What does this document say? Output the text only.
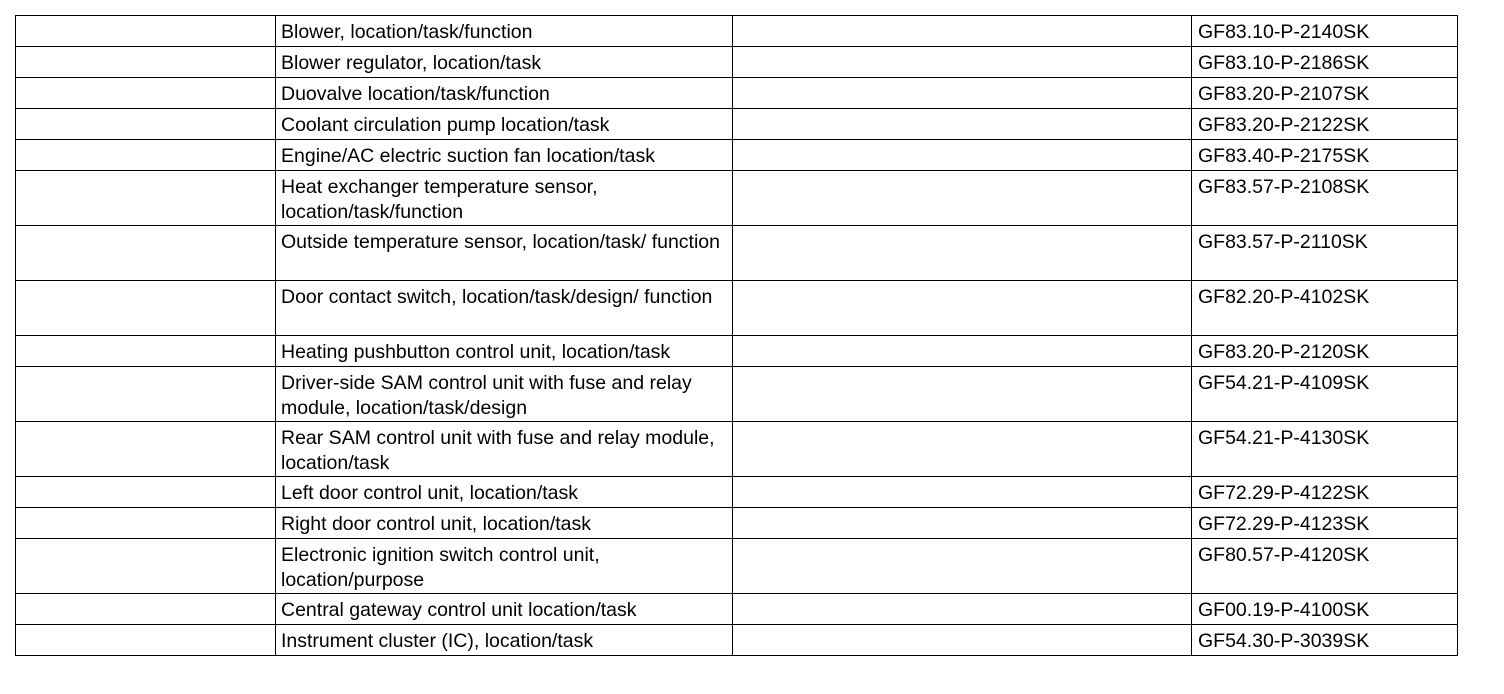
	Blower, location/task/function		GF83.10-P-2140SK
	Blower regulator, location/task		GF83.10-P-2186SK
	Duovalve location/task/function		GF83.20-P-2107SK
	Coolant circulation pump location/task		GF83.20-P-2122SK
	Engine/AC electric suction fan location/task		GF83.40-P-2175SK
	Heat exchanger temperature sensor, location/task/function		GF83.57-P-2108SK
	Outside temperature sensor, location/task/ function		GF83.57-P-2110SK
	Door contact switch, location/task/design/ function		GF82.20-P-4102SK
	Heating pushbutton control unit, location/task		GF83.20-P-2120SK
	Driver-side SAM control unit with fuse and relay module, location/task/design		GF54.21-P-4109SK
	Rear SAM control unit with fuse and relay module, location/task		GF54.21-P-4130SK
	Left door control unit, location/task		GF72.29-P-4122SK
	Right door control unit, location/task		GF72.29-P-4123SK
	Electronic ignition switch control unit, location/purpose		GF80.57-P-4120SK
	Central gateway control unit location/task		GF00.19-P-4100SK
	Instrument cluster (IC), location/task		GF54.30-P-3039SK
